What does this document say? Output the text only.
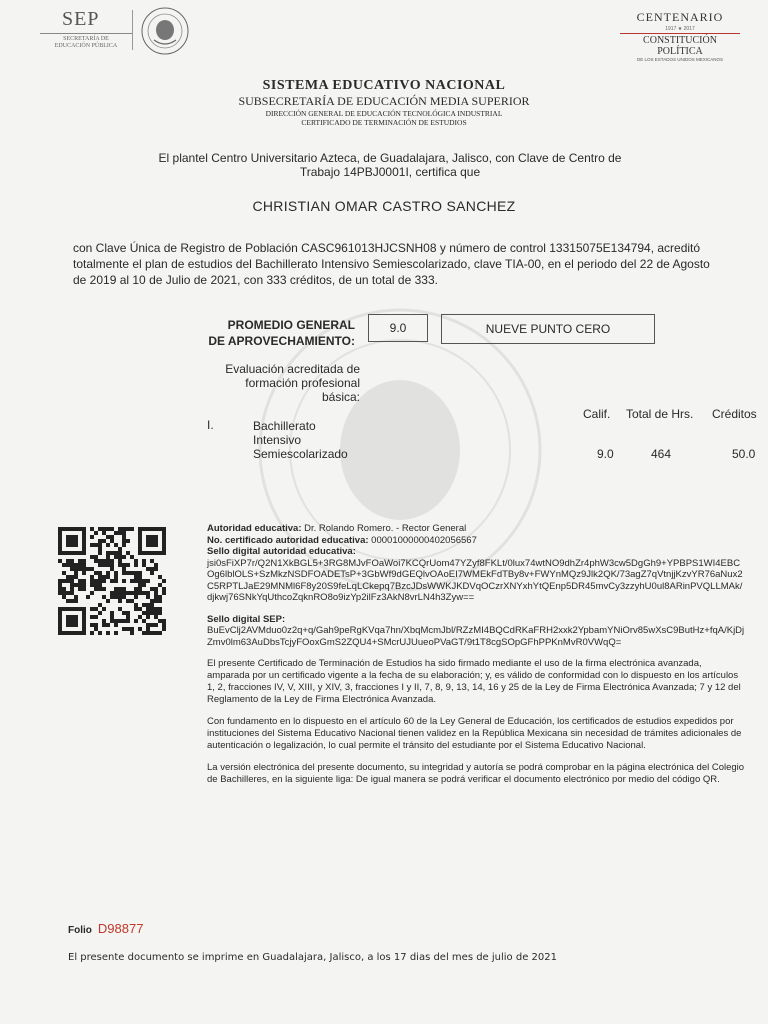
SEP
SECRETARÍA DE
EDUCACIÓN PÚBLICA
CENTENARIO
1917 ★ 2017
CONSTITUCIÓN POLÍTICA
DE LOS ESTADOS UNIDOS MEXICANOS
SISTEMA EDUCATIVO NACIONAL
SUBSECRETARÍA DE EDUCACIÓN MEDIA SUPERIOR
DIRECCIÓN GENERAL DE EDUCACIÓN TECNOLÓGICA INDUSTRIAL
CERTIFICADO DE TERMINACIÓN DE ESTUDIOS
El plantel Centro Universitario Azteca, de Guadalajara, Jalisco, con Clave de Centro de Trabajo 14PBJ0001I, certifica que
CHRISTIAN OMAR CASTRO SANCHEZ
con Clave Única de Registro de Población CASC961013HJCSNH08 y número de control 13315075E134794, acreditó totalmente el plan de estudios del Bachillerato Intensivo Semiescolarizado, clave TIA-00, en el periodo del 22 de Agosto de 2019 al 10 de Julio de 2021, con 333 créditos, de un total de 333.
PROMEDIO GENERAL
DE APROVECHAMIENTO:
9.0	NUEVE PUNTO CERO
Evaluación acreditada de
formación profesional básica:
Calif. Total de Hrs. Créditos
I.	Bachillerato
Intensivo
Semiescolarizado	9.0	464	50.0

Autoridad educativa: Dr. Rolando Romero. - Rector General

No. certificado autoridad educativa: 00001000000402056567

Sello digital autoridad educativa:

jsi0sFiXP7r/Q2N1XkBGL5+3RG8MJvFOaWoi7KCQrUom47YZyf8FKLt/0lux74wtNO9dhZr4phW3cw5DgGh9+YPBPS1WI4EBCOg6lblOLS+SzMkzNSDFOADETsP+3GbWf9dGEQlvOAoEI7WMEkFdTBy8v+FWYnMQz9Jlk2QK/73agZ7qVtnjjKzvYR76aNux2C5RPTLJaE29MNMl6F8y20S9feLqLCkepq7BzcJDsWWKJKDVqOCzrXNYxhYtQEnp5DR45mvCy3zzyhU0ul8ARinPVQLLMAk/djkwj76SNkYqUthcoZqknRO8o9izYp2ilFz3AkN8vrLN4h3Zyw==

Sello digital SEP:

BuEvClj2AVMduo0z2q+q/Gah9peRgKVqa7hn/XbqMcmJbl/RZzMI4BQCdRKaFRH2xxk2YpbamYNiOrv85wXsC9ButHz+fqA/KjDjZmv0lm63AuDbsTcjyFOoxGmS2ZQU4+SMcrUJUueoPVaGT/9t1T8cgSOpGFhPPKnMvR0VWqQ=

El presente Certificado de Terminación de Estudios ha sido firmado mediante el uso de la firma electrónica avanzada, amparada por un certificado vigente a la fecha de su elaboración; y, es válido de conformidad con lo dispuesto en los artículos 1, 2, fracciones IV, V, XIII, y XIV, 3, fracciones I y II, 7, 8, 9, 13, 14, 16 y 25 de la Ley de Firma Electrónica Avanzada; 7 y 12 del Reglamento de la Ley de Firma Electrónica Avanzada.

Con fundamento en lo dispuesto en el artículo 60 de la Ley General de Educación, los certificados de estudios expedidos por instituciones del Sistema Educativo Nacional tienen validez en la República Mexicana sin necesidad de trámites adicionales de autenticación o legalización, lo cual permite el tránsito del estudiante por el Sistema Educativo Nacional.

La versión electrónica del presente documento, su integridad y autoría se podrá comprobar en la página electrónica del Colegio de Bachilleres, en la siguiente liga: De igual manera se podrá verificar el documento electrónico por medio del código QR.

Folio D98877
El presente documento se imprime en Guadalajara, Jalisco, a los 17 dias del mes de julio de 2021
